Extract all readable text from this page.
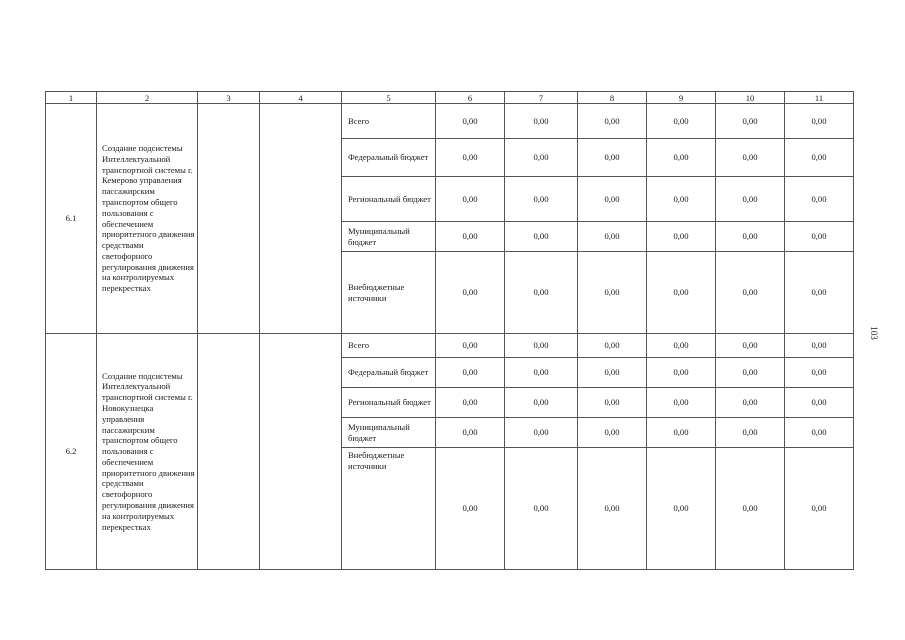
1	2	3	4	5	6	7	8	9	10	11
6.1	Создание подсистемы Интеллектуальной транспортной системы г. Кемерово управления пассажирским транспортом общего пользования с обеспечением приоритетного движения средствами светофорного регулирования движения на контролируемых перекрестках			Всего	0,00	0,00	0,00	0,00	0,00	0,00
				Федеральный бюджет	0,00	0,00	0,00	0,00	0,00	0,00
				Региональный бюджет	0,00	0,00	0,00	0,00	0,00	0,00
				Муниципальный бюджет	0,00	0,00	0,00	0,00	0,00	0,00
				Внебюджетные источники	0,00	0,00	0,00	0,00	0,00	0,00
6.2	Создание подсистемы Интеллектуальной транспортной системы г. Новокузнецка управления пассажирским транспортом общего пользования с обеспечением приоритетного движения средствами светофорного регулирования движения на контролируемых перекрестках			Всего	0,00	0,00	0,00	0,00	0,00	0,00
				Федеральный бюджет	0,00	0,00	0,00	0,00	0,00	0,00
				Региональный бюджет	0,00	0,00	0,00	0,00	0,00	0,00
				Муниципальный бюджет	0,00	0,00	0,00	0,00	0,00	0,00
				Внебюджетные источники	0,00	0,00	0,00	0,00	0,00	0,00
103
